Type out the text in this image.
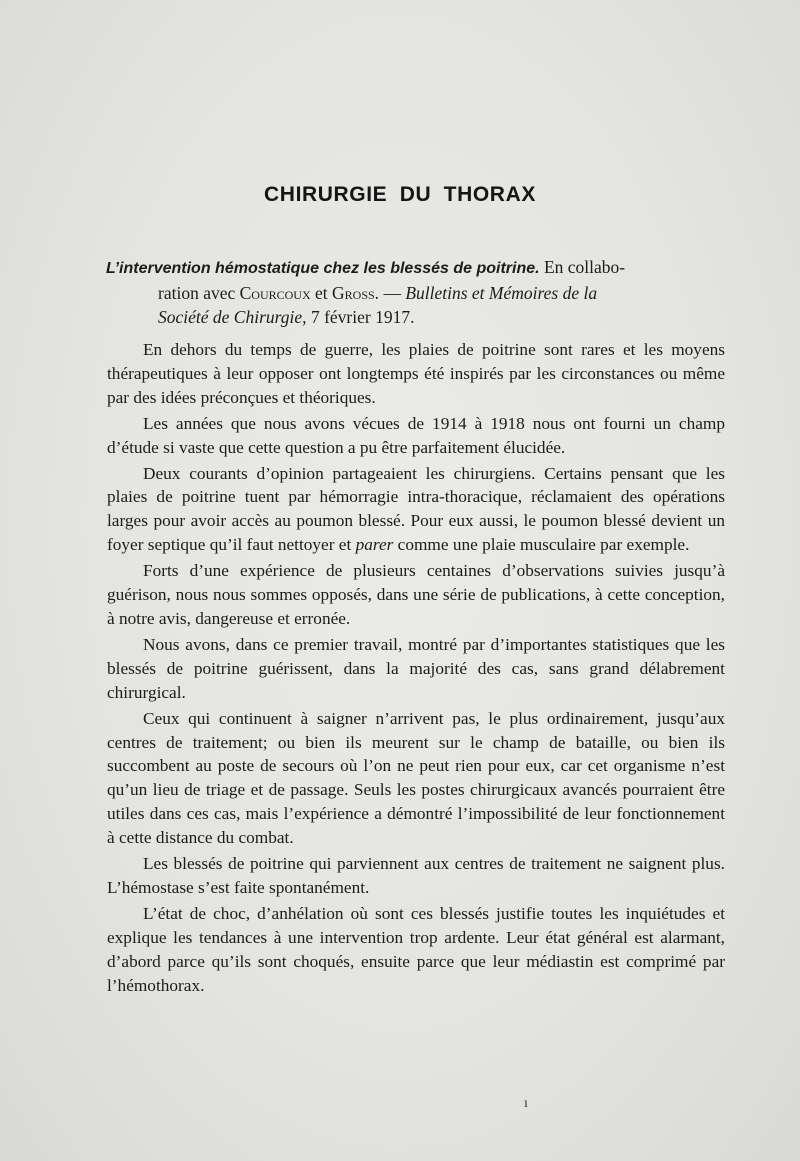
CHIRURGIE DU THORAX
L’intervention hémostatique chez les blessés de poitrine. En collabo-
ration avec Courcoux et Gross. — Bulletins et Mémoires de la
Société de Chirurgie, 7 février 1917.

En dehors du temps de guerre, les plaies de poitrine sont rares et les moyens thérapeutiques à leur opposer ont longtemps été inspirés par les circonstances ou même par des idées préconçues et théoriques.

Les années que nous avons vécues de 1914 à 1918 nous ont fourni un champ d’étude si vaste que cette question a pu être parfaitement élucidée.

Deux courants d’opinion partageaient les chirurgiens. Certains pensant que les plaies de poitrine tuent par hémorragie intra-thoracique, réclamaient des opérations larges pour avoir accès au poumon blessé. Pour eux aussi, le poumon blessé devient un foyer septique qu’il faut nettoyer et parer comme une plaie musculaire par exemple.

Forts d’une expérience de plusieurs centaines d’observations suivies jusqu’à guérison, nous nous sommes opposés, dans une série de publications, à cette conception, à notre avis, dangereuse et erronée.

Nous avons, dans ce premier travail, montré par d’importantes statistiques que les blessés de poitrine guérissent, dans la majorité des cas, sans grand délabrement chirurgical.

Ceux qui continuent à saigner n’arrivent pas, le plus ordinairement, jusqu’aux centres de traitement; ou bien ils meurent sur le champ de bataille, ou bien ils succombent au poste de secours où l’on ne peut rien pour eux, car cet organisme n’est qu’un lieu de triage et de passage. Seuls les postes chirurgicaux avancés pourraient être utiles dans ces cas, mais l’expérience a démontré l’impossibilité de leur fonctionnement à cette distance du combat.

Les blessés de poitrine qui parviennent aux centres de traitement ne saignent plus. L’hémostase s’est faite spontanément.

L’état de choc, d’anhélation où sont ces blessés justifie toutes les inquiétudes et explique les tendances à une intervention trop ardente. Leur état général est alarmant, d’abord parce qu’ils sont choqués, ensuite parce que leur médiastin est comprimé par l’hémothorax.

ı
